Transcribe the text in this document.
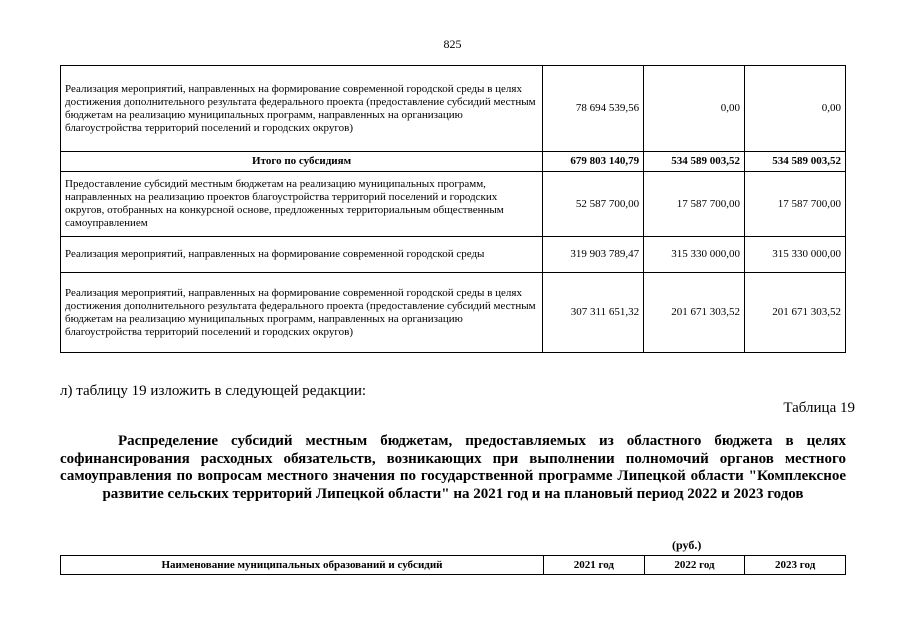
825
Реализация мероприятий, направленных на формирование современной городской среды в целях достижения дополнительного результата федерального проекта (предоставление субсидий местным бюджетам на реализацию муниципальных программ, направленных на организацию благоустройства территорий поселений и городских округов)	78 694 539,56	0,00	0,00
Итого по субсидиям	679 803 140,79	534 589 003,52	534 589 003,52
Предоставление субсидий местным бюджетам на реализацию муниципальных программ, направленных на реализацию проектов благоустройства территорий поселений и городских округов, отобранных на конкурсной основе, предложенных территориальным общественным самоуправлением	52 587 700,00	17 587 700,00	17 587 700,00
Реализация мероприятий, направленных на формирование современной городской среды	319 903 789,47	315 330 000,00	315 330 000,00
Реализация мероприятий, направленных на формирование современной городской среды в целях достижения дополнительного результата федерального проекта (предоставление субсидий местным бюджетам на реализацию муниципальных программ, направленных на организацию благоустройства территорий поселений и городских округов)	307 311 651,32	201 671 303,52	201 671 303,52
л) таблицу 19 изложить в следующей редакции:
Таблица 19
Распределение субсидий местным бюджетам, предоставляемых из областного бюджета в целях софинансирования расходных обязательств, возникающих при выполнении полномочий органов местного самоуправления по вопросам местного значения по государственной программе Липецкой области "Комплексное развитие сельских территорий Липецкой области" на 2021 год и на плановый период 2022 и 2023 годов
(руб.)
Наименование муниципальных образований и субсидий	2021 год	2022 год	2023 год
